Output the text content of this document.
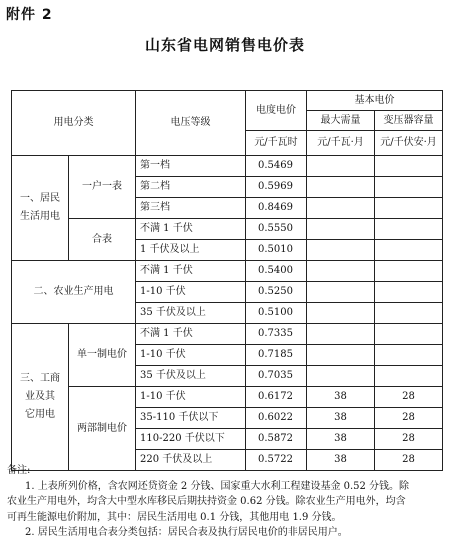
附件 2
山东省电网销售电价表
用电分类		电压等级	电度电价	基本电价	
				最大需量	变压器容量
			元/千瓦时	元/千瓦·月	元/千伏安·月

一、居民
生活用电	一户一表	第一档	0.5469		
		第二档	0.5969		
		第三档	0.8469		
	合表	不满 1 千伏	0.5550		
		1 千伏及以上	0.5010		
二、农业生产用电		不满 1 千伏	0.5400		
		1-10 千伏	0.5250		
		35 千伏及以上	0.5100		

三、工商
业及其
它用电	单一制电价	不满 1 千伏	0.7335		
		1-10 千伏	0.7185		
		35 千伏及以上	0.7035		
	两部制电价	1-10 千伏	0.6172	38	28
		35-110 千伏以下	0.6022	38	28
		110-220 千伏以下	0.5872	38	28
		220 千伏及以上	0.5722	38	28

备注:

1. 上表所列价格，含农网还贷资金 2 分钱、国家重大水利工程建设基金 0.52 分钱。除

农业生产用电外，均含大中型水库移民后期扶持资金 0.62 分钱。除农业生产用电外，均含

可再生能源电价附加，其中：居民生活用电 0.1 分钱，其他用电 1.9 分钱。

2. 居民生活用电合表分类包括：居民合表及执行居民电价的非居民用户。
